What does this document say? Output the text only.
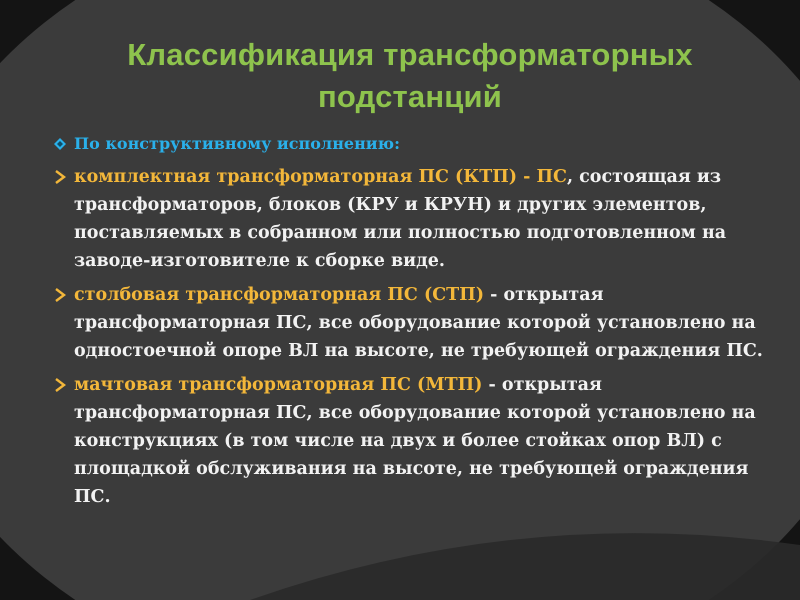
Классификация трансформаторных подстанций
По конструктивному исполнению:
комплектная трансформаторная ПС (КТП) - ПС, состоящая из трансформаторов, блоков (КРУ и КРУН) и других элементов, поставляемых в собранном или полностью подготовленном на заводе-изготовителе к сборке виде.
столбовая трансформаторная ПС (СТП) - открытая трансформаторная ПС, все оборудование которой установлено на одностоечной опоре ВЛ на высоте, не требующей ограждения ПС.
мачтовая трансформаторная ПС (МТП) - открытая трансформаторная ПС, все оборудование которой установлено на конструкциях (в том числе на двух и более стойках опор ВЛ) с площадкой обслуживания на высоте, не требующей ограждения ПС.
